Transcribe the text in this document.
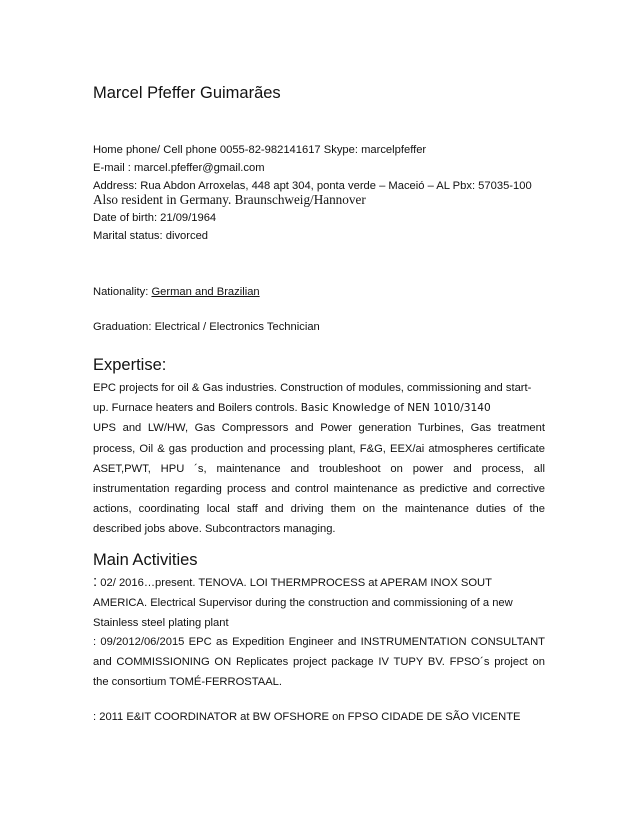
Marcel Pfeffer Guimarães
Home phone/ Cell phone 0055-82-982141617 Skype: marcelpfeffer
E-mail : marcel.pfeffer@gmail.com
Address: Rua Abdon Arroxelas, 448 apt 304, ponta verde – Maceió – AL Pbx: 57035-100
Also resident in Germany. Braunschweig/Hannover
Date of birth: 21/09/1964
Marital status: divorced
Nationality: German and Brazilian
Graduation: Electrical / Electronics Technician
Expertise:
EPC projects for oil & Gas industries. Construction of modules, commissioning and start-up. Furnace heaters and Boilers controls. Basic Knowledge of NEN 1010/3140
UPS and LW/HW, Gas Compressors and Power generation Turbines, Gas treatment process, Oil & gas production and processing plant, F&G, EEX/ai atmospheres certificate ASET,PWT, HPU ´s, maintenance and troubleshoot on power and process, all instrumentation regarding process and control maintenance as predictive and corrective actions, coordinating local staff and driving them on the maintenance duties of the described jobs above. Subcontractors managing.
Main Activities
: 02/ 2016…present. TENOVA. LOI THERMPROCESS at APERAM INOX SOUT AMERICA. Electrical Supervisor during the construction and commissioning of a new Stainless steel plating plant
: 09/2012/06/2015 EPC as Expedition Engineer and INSTRUMENTATION CONSULTANT and COMMISSIONING ON Replicates project package IV TUPY BV. FPSO´s project on the consortium TOMÉ-FERROSTAAL.
: 2011 E&IT COORDINATOR at BW OFSHORE on FPSO CIDADE DE SÃO VICENTE
